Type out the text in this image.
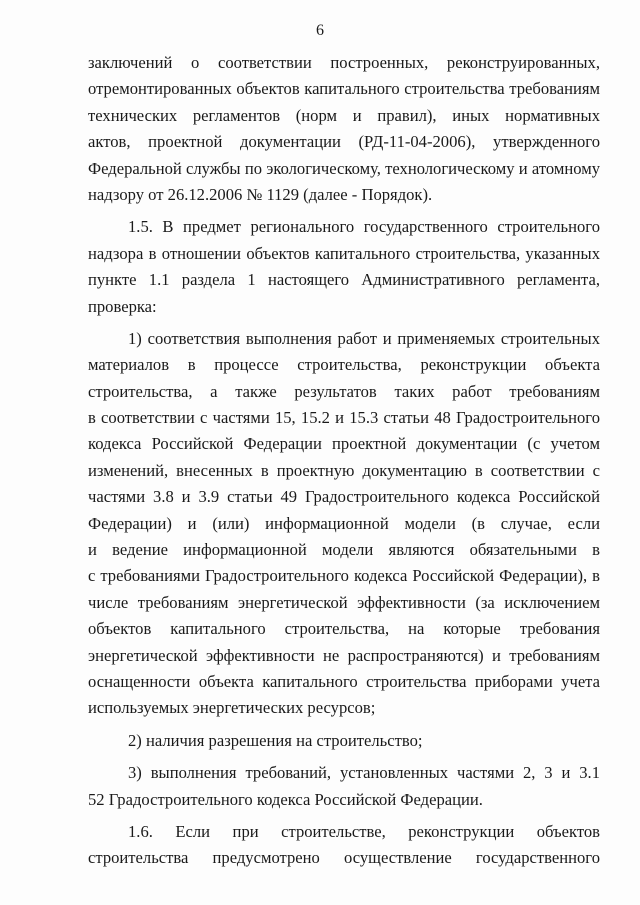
6
заключений о соответствии построенных, реконструированных,
отремонтированных объектов капитального строительства требованиям
технических регламентов (норм и правил), иных нормативных
актов, проектной документации (РД-11-04-2006), утвержденного
Федеральной службы по экологическому, технологическому и атомному
надзору от 26.12.2006 № 1129 (далее - Порядок).
1.5. В предмет регионального государственного строительного
надзора в отношении объектов капитального строительства, указанных
пункте 1.1 раздела 1 настоящего Административного регламента,
проверка:
1) соответствия выполнения работ и применяемых строительных
материалов в процессе строительства, реконструкции объекта
строительства, а также результатов таких работ требованиям
в соответствии с частями 15, 15.2 и 15.3 статьи 48 Градостроительного
кодекса Российской Федерации проектной документации (с учетом
изменений, внесенных в проектную документацию в соответствии с
частями 3.8 и 3.9 статьи 49 Градостроительного кодекса Российской
Федерации) и (или) информационной модели (в случае, если
и ведение информационной модели являются обязательными в
с требованиями Градостроительного кодекса Российской Федерации), в
числе требованиям энергетической эффективности (за исключением
объектов капитального строительства, на которые требования
энергетической эффективности не распространяются) и требованиям
оснащенности объекта капитального строительства приборами учета
используемых энергетических ресурсов;
2) наличия разрешения на строительство;
3) выполнения требований, установленных частями 2, 3 и 3.1
52 Градостроительного кодекса Российской Федерации.
1.6. Если при строительстве, реконструкции объектов
строительства предусмотрено осуществление государственного
